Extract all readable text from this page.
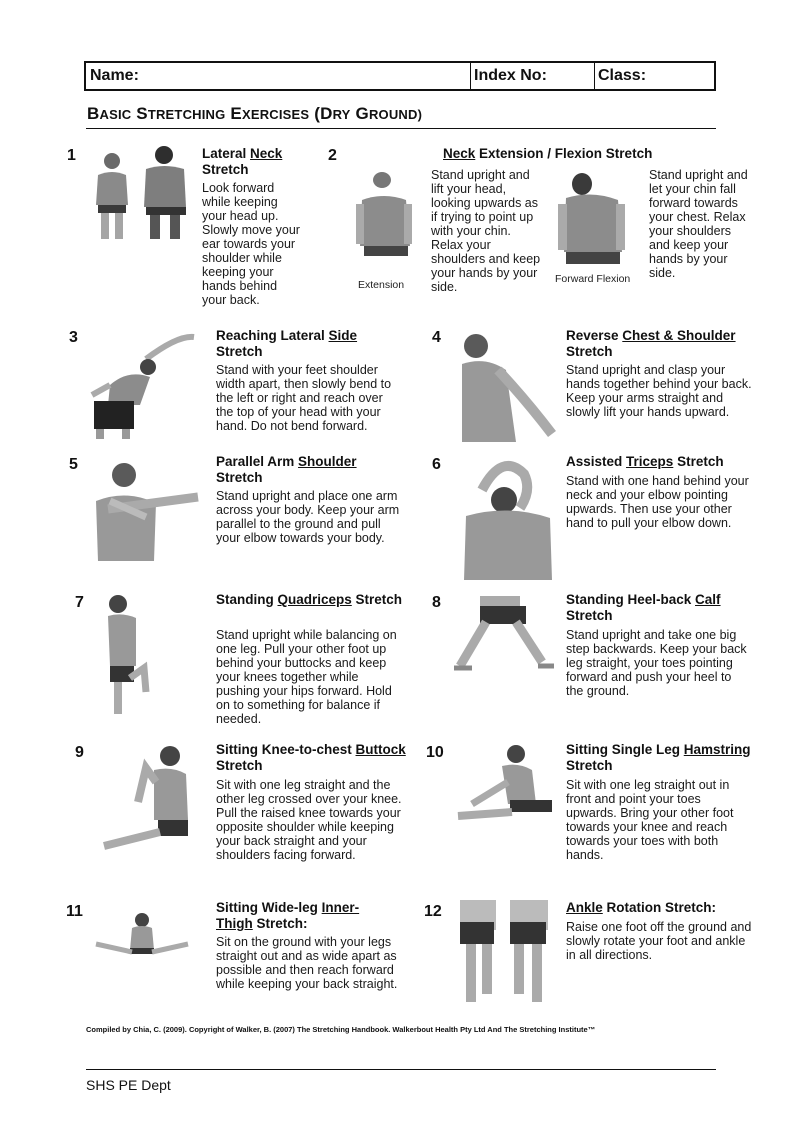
Name:	Index No:	Class:
BASIC STRETCHING EXERCISES (DRY GROUND)
1	Lateral Neck Stretch
Look forward while keeping your head up. Slowly move your ear towards your shoulder while keeping your hands behind your back.
2	Neck Extension / Flexion Stretch
Extension
Stand upright and lift your head, looking upwards as if trying to point up with your chin. Relax your shoulders and keep your hands by your side.
Forward Flexion
Stand upright and let your chin fall forward towards your chest. Relax your shoulders and keep your hands by your side.
3	Reaching Lateral Side Stretch
Stand with your feet shoulder width apart, then slowly bend to the left or right and reach over the top of your head with your hand. Do not bend forward.
4	Reverse Chest & Shoulder Stretch
Stand upright and clasp your hands together behind your back. Keep your arms straight and slowly lift your hands upward.
5	Parallel Arm Shoulder Stretch
Stand upright and place one arm across your body. Keep your arm parallel to the ground and pull your elbow towards your body.
6	Assisted Triceps Stretch
Stand with one hand behind your neck and your elbow pointing upwards. Then use your other hand to pull your elbow down.
7	Standing Quadriceps Stretch
Stand upright while balancing on one leg. Pull your other foot up behind your buttocks and keep your knees together while pushing your hips forward. Hold on to something for balance if needed.
8	Standing Heel-back Calf Stretch
Stand upright and take one big step backwards. Keep your back leg straight, your toes pointing forward and push your heel to the ground.
9	Sitting Knee-to-chest Buttock Stretch
Sit with one leg straight and the other leg crossed over your knee. Pull the raised knee towards your opposite shoulder while keeping your back straight and your shoulders facing forward.
10	Sitting Single Leg Hamstring Stretch
Sit with one leg straight out in front and point your toes upwards. Bring your other foot towards your knee and reach towards your toes with both hands.
11	Sitting Wide-leg Inner-Thigh Stretch:
Sit on the ground with your legs straight out and as wide apart as possible and then reach forward while keeping your back straight.
12	Ankle Rotation Stretch:
Raise one foot off the ground and slowly rotate your foot and ankle in all directions.
Compiled by Chia, C. (2009). Copyright of Walker, B. (2007) The Stretching Handbook. Walkerbout Health Pty Ltd And The Stretching Institute™
SHS PE Dept
